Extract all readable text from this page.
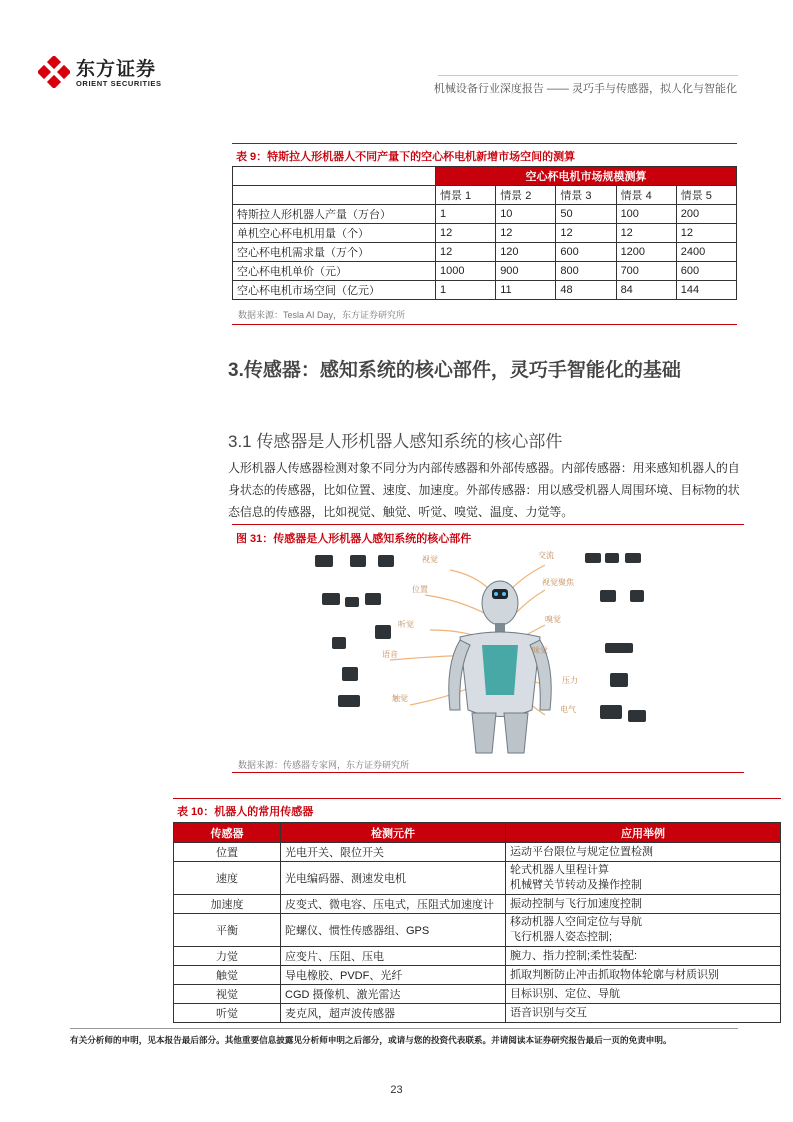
东方证券
ORIENT SECURITIES	机械设备行业深度报告 —— 灵巧手与传感器，拟人化与智能化
表 9：特斯拉人形机器人不同产量下的空心杯电机新增市场空间的测算
	空心杯电机市场规模测算				
	情景 1	情景 2	情景 3	情景 4	情景 5
特斯拉人形机器人产量（万台）	1	10	50	100	200
单机空心杯电机用量（个）	12	12	12	12	12
空心杯电机需求量（万个）	12	120	600	1200	2400
空心杯电机单价（元）	1000	900	800	700	600
空心杯电机市场空间（亿元）	1	11	48	84	144
数据来源：Tesla AI Day，东方证券研究所
3.传感器：感知系统的核心部件，灵巧手智能化的基础
3.1 传感器是人形机器人感知系统的核心部件
人形机器人传感器检测对象不同分为内部传感器和外部传感器。内部传感器：用来感知机器人的自身状态的传感器，比如位置、速度、加速度。外部传感器：用以感受机器人周围环境、目标物的状态信息的传感器，比如视觉、触觉、听觉、嗅觉、温度、力觉等。
图 31：传感器是人形机器人感知系统的核心部件
视觉
位置
听觉
语音
触觉
交流
视觉聚焦
嗅觉
味觉
压力
电气
数据来源：传感器专家网，东方证券研究所
表 10：机器人的常用传感器
传感器	检测元件	应用举例
位置	光电开关、限位开关	运动平台限位与规定位置检测

速度	光电编码器、测速发电机	轮式机器人里程计算
机械臂关节转动及操作控制

加速度	皮变式、微电容、压电式，压阻式加速度计	振动控制与飞行加速度控制

平衡	陀螺仪、惯性传感器组、GPS	移动机器人空间定位与导航
飞行机器人姿态控制;

力觉	应变片、压阻、压电	腕力、指力控制;柔性装配:

触觉	导电橡胶、PVDF、光纤	抓取判断防止冲击抓取物体轮廓与材质识别

视觉	CGD 摄像机、激光雷达	目标识别、定位、导航

听觉	麦克风，超声波传感器	语音识别与交互
有关分析师的申明，见本报告最后部分。其他重要信息披露见分析师申明之后部分，或请与您的投资代表联系。并请阅读本证券研究报告最后一页的免责申明。
23
